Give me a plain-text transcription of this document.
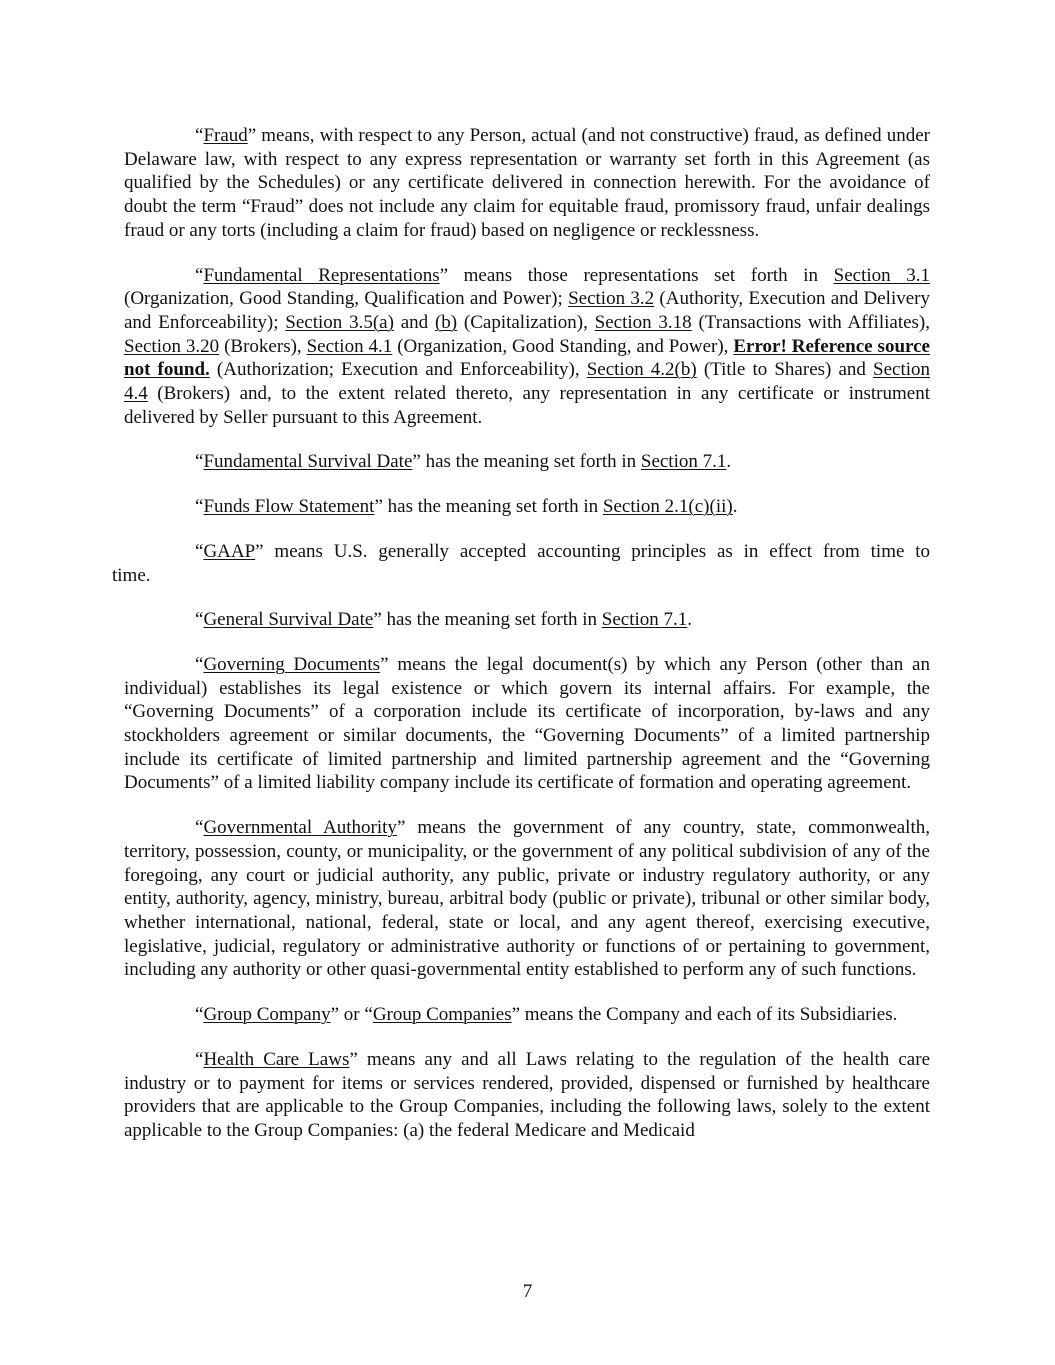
“Fraud” means, with respect to any Person, actual (and not constructive) fraud, as defined under Delaware law, with respect to any express representation or warranty set forth in this Agreement (as qualified by the Schedules) or any certificate delivered in connection herewith. For the avoidance of doubt the term “Fraud” does not include any claim for equitable fraud, promissory fraud, unfair dealings fraud or any torts (including a claim for fraud) based on negligence or recklessness.

“Fundamental Representations” means those representations set forth in Section 3.1 (Organization, Good Standing, Qualification and Power); Section 3.2 (Authority, Execution and Delivery and Enforceability); Section 3.5(a) and (b) (Capitalization), Section 3.18 (Transactions with Affiliates), Section 3.20 (Brokers), Section 4.1 (Organization, Good Standing, and Power), Error! Reference source not found. (Authorization; Execution and Enforceability), Section 4.2(b) (Title to Shares) and Section 4.4 (Brokers) and, to the extent related thereto, any representation in any certificate or instrument delivered by Seller pursuant to this Agreement.

“Fundamental Survival Date” has the meaning set forth in Section 7.1.

“Funds Flow Statement” has the meaning set forth in Section 2.1(c)(ii).

“GAAP” means U.S. generally accepted accounting principles as in effect from time to

time.

“General Survival Date” has the meaning set forth in Section 7.1.

“Governing Documents” means the legal document(s) by which any Person (other than an individual) establishes its legal existence or which govern its internal affairs. For example, the “Governing Documents” of a corporation include its certificate of incorporation, by-laws and any stockholders agreement or similar documents, the “Governing Documents” of a limited partnership include its certificate of limited partnership and limited partnership agreement and the “Governing Documents” of a limited liability company include its certificate of formation and operating agreement.

“Governmental Authority” means the government of any country, state, commonwealth, territory, possession, county, or municipality, or the government of any political subdivision of any of the foregoing, any court or judicial authority, any public, private or industry regulatory authority, or any entity, authority, agency, ministry, bureau, arbitral body (public or private), tribunal or other similar body, whether international, national, federal, state or local, and any agent thereof, exercising executive, legislative, judicial, regulatory or administrative authority or functions of or pertaining to government, including any authority or other quasi-governmental entity established to perform any of such functions.

“Group Company” or “Group Companies” means the Company and each of its Subsidiaries.

“Health Care Laws” means any and all Laws relating to the regulation of the health care industry or to payment for items or services rendered, provided, dispensed or furnished by healthcare providers that are applicable to the Group Companies, including the following laws, solely to the extent applicable to the Group Companies: (a) the federal Medicare and Medicaid

7
